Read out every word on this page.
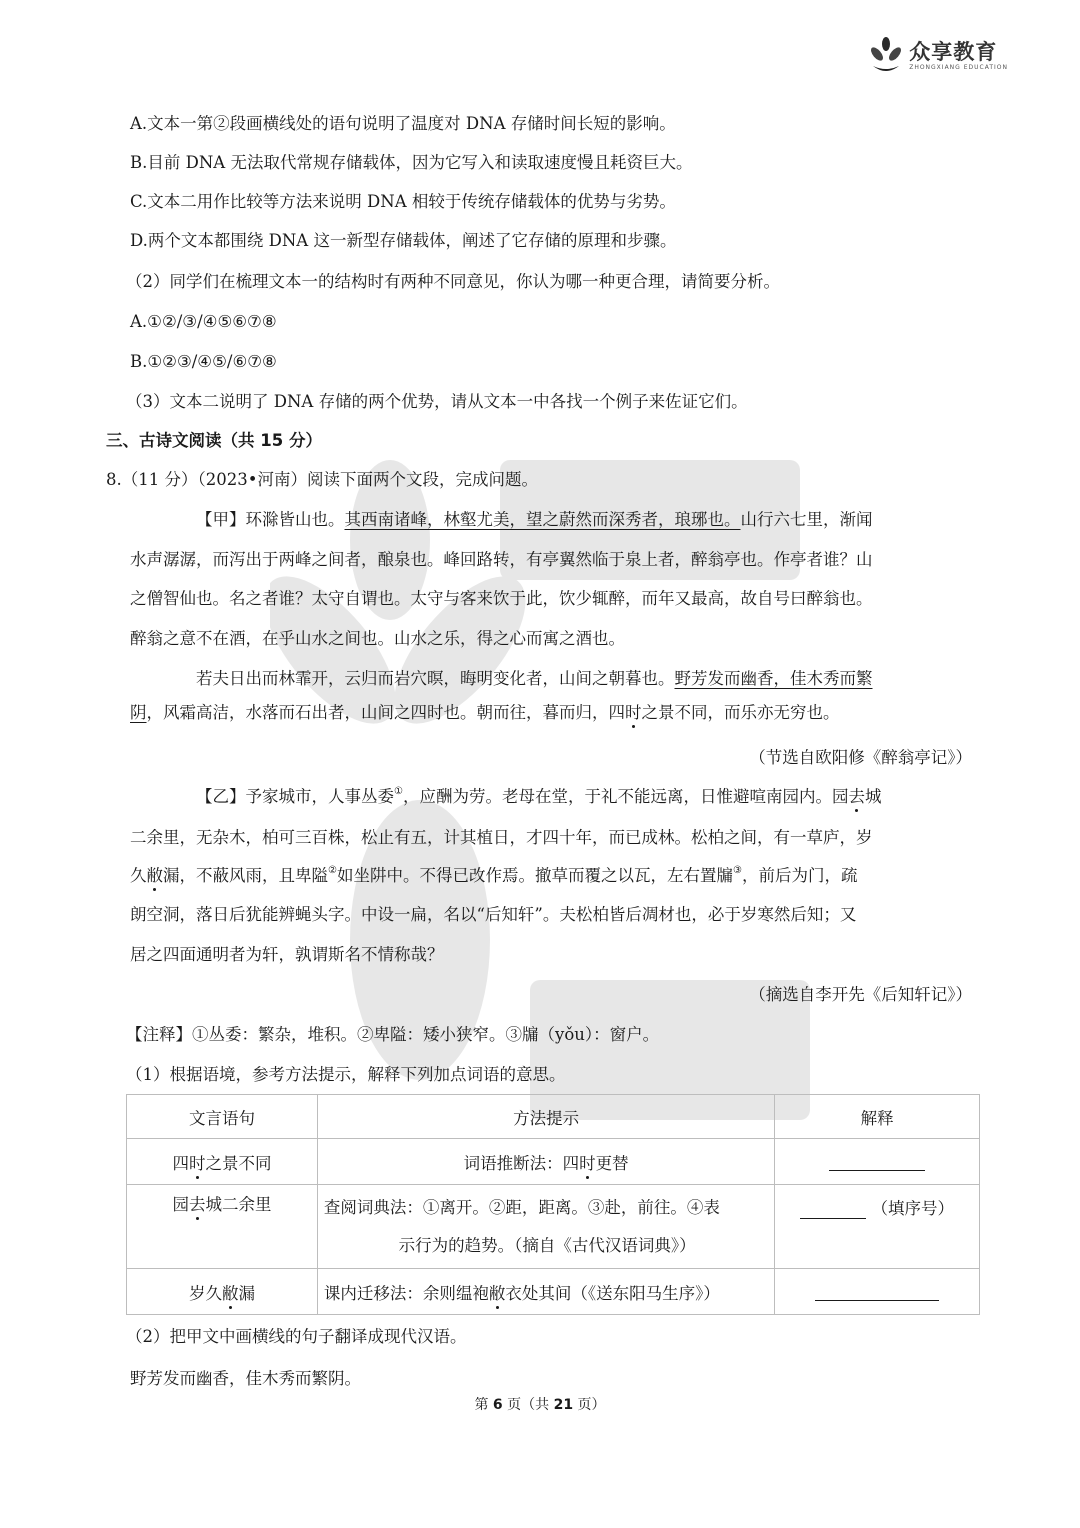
众享教育
ZHONGXIANG EDUCATION
A.文本一第②段画横线处的语句说明了温度对 DNA 存储时间长短的影响。
B.目前 DNA 无法取代常规存储载体，因为它写入和读取速度慢且耗资巨大。
C.文本二用作比较等方法来说明 DNA 相较于传统存储载体的优势与劣势。
D.两个文本都围绕 DNA 这一新型存储载体，阐述了它存储的原理和步骤。
（2）同学们在梳理文本一的结构时有两种不同意见，你认为哪一种更合理，请简要分析。
A.①②/③/④⑤⑥⑦⑧
B.①②③/④⑤/⑥⑦⑧
（3）文本二说明了 DNA 存储的两个优势，请从文本一中各找一个例子来佐证它们。
三、古诗文阅读（共 15 分）
8.（11 分）（2023•河南）阅读下面两个文段，完成问题。
【甲】环滁皆山也。其西南诸峰，林壑尤美，望之蔚然而深秀者，琅琊也。山行六七里，渐闻
水声潺潺，而泻出于两峰之间者，酿泉也。峰回路转，有亭翼然临于泉上者，醉翁亭也。作亭者谁？山
之僧智仙也。名之者谁？太守自谓也。太守与客来饮于此，饮少辄醉，而年又最高，故自号曰醉翁也。
醉翁之意不在酒，在乎山水之间也。山水之乐，得之心而寓之酒也。
若夫日出而林霏开，云归而岩穴暝，晦明变化者，山间之朝暮也。野芳发而幽香，佳木秀而繁
阴，风霜高洁，水落而石出者，山间之四时也。朝而往，暮而归，四时之景不同，而乐亦无穷也。
（节选自欧阳修《醉翁亭记》）
【乙】予家城市，人事丛委①，应酬为劳。老母在堂，于礼不能远离，日惟避喧南园内。园去城
二余里，无杂木，柏可三百株，松止有五，计其植日，才四十年，而已成林。松柏之间，有一草庐，岁
久敝漏，不蔽风雨，且卑隘②如坐阱中。不得已改作焉。撤草而覆之以瓦，左右置牖③，前后为门，疏
朗空洞，落日后犹能辨蝇头字。中设一扁，名以“后知轩”。夫松柏皆后凋材也，必于岁寒然后知；又
居之四面通明者为轩，孰谓斯名不情称哉？
（摘选自李开先《后知轩记》）
【注释】①丛委：繁杂，堆积。②卑隘：矮小狭窄。③牖（yǒu）：窗户。
（1）根据语境，参考方法提示，解释下列加点词语的意思。
文言语句	方法提示	解释
四时之景不同	词语推断法：四时更替	
园去城二余里	查阅词典法：①离开。②距，距离。③赴，前往。④表
示行为的趋势。（摘自《古代汉语词典》）	（填序号）
岁久敝漏	课内迁移法：余则缊袍敝衣处其间（《送东阳马生序》）	
（2）把甲文中画横线的句子翻译成现代汉语。
野芳发而幽香，佳木秀而繁阴。
第 6 页（共 21 页）
